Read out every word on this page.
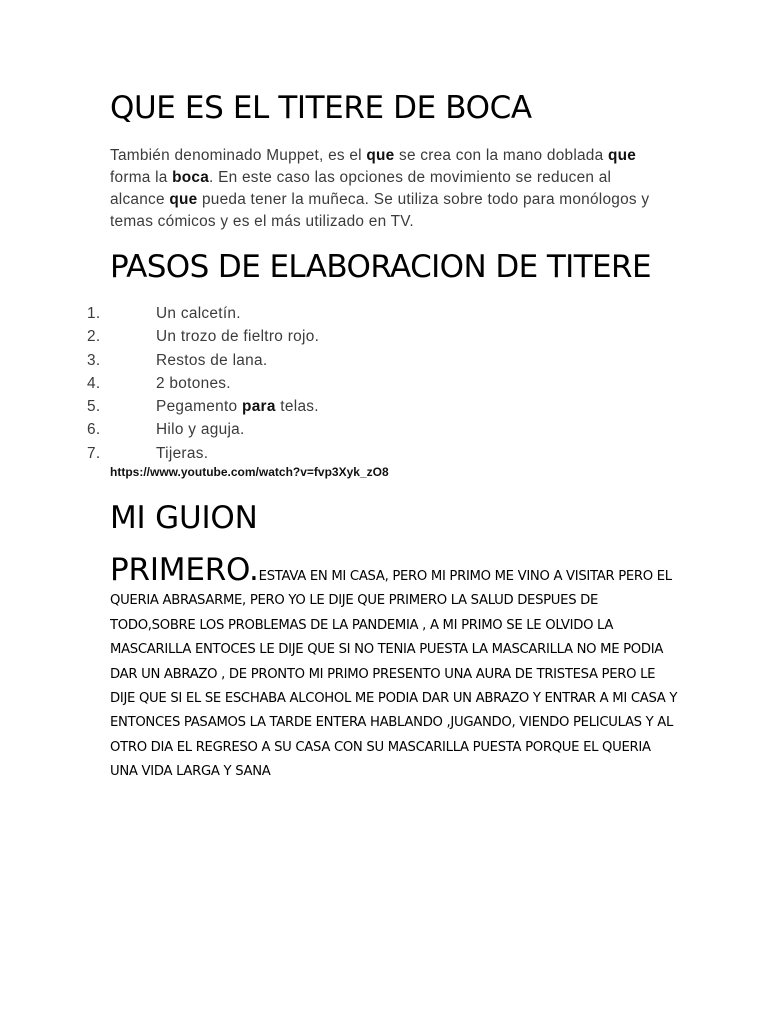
QUE ES EL TITERE DE BOCA

También denominado Muppet, es el que se crea con la mano doblada que forma la boca. En este caso las opciones de movimiento se reducen al alcance que pueda tener la muñeca. Se utiliza sobre todo para monólogos y temas cómicos y es el más utilizado en TV.

PASOS DE ELABORACION DE TITERE
1.	Un calcetín.
2.	Un trozo de fieltro rojo.
3.	Restos de lana.
4.	2 botones.
5.	Pegamento para telas.
6.	Hilo y aguja.
7.	Tijeras.
https://www.youtube.com/watch?v=fvp3Xyk_zO8
MI GUION

PRIMERO.ESTAVA EN MI CASA, PERO MI PRIMO ME VINO A VISITAR PERO EL QUERIA ABRASARME, PERO YO LE DIJE QUE PRIMERO LA SALUD DESPUES DE TODO,SOBRE LOS PROBLEMAS DE LA PANDEMIA , A MI PRIMO SE LE OLVIDO LA MASCARILLA ENTOCES LE DIJE QUE SI NO TENIA PUESTA LA MASCARILLA NO ME PODIA DAR UN ABRAZO , DE PRONTO MI PRIMO PRESENTO UNA AURA DE TRISTESA PERO LE DIJE QUE SI EL SE ESCHABA ALCOHOL ME PODIA DAR UN ABRAZO Y ENTRAR A MI CASA Y ENTONCES PASAMOS LA TARDE ENTERA HABLANDO ,JUGANDO, VIENDO PELICULAS Y AL OTRO DIA EL REGRESO A SU CASA CON SU MASCARILLA PUESTA PORQUE EL QUERIA UNA VIDA LARGA Y SANA
